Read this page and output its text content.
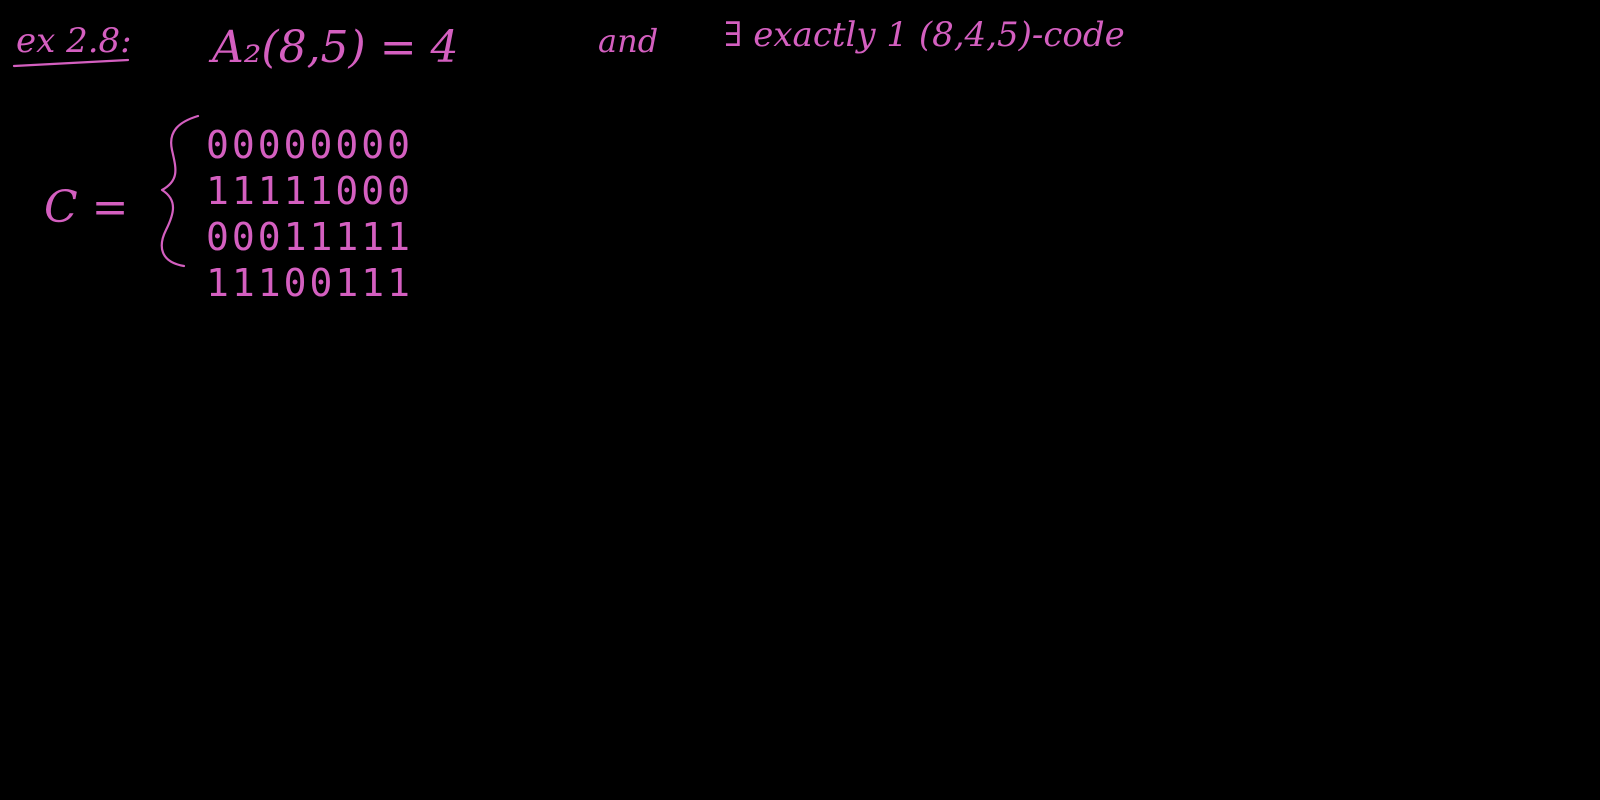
ex 2.8: A₂(8,5) = 4	and ∃ exactly 1 (8,4,5)-code
C =
00000000
11111000
00011111
11100111
